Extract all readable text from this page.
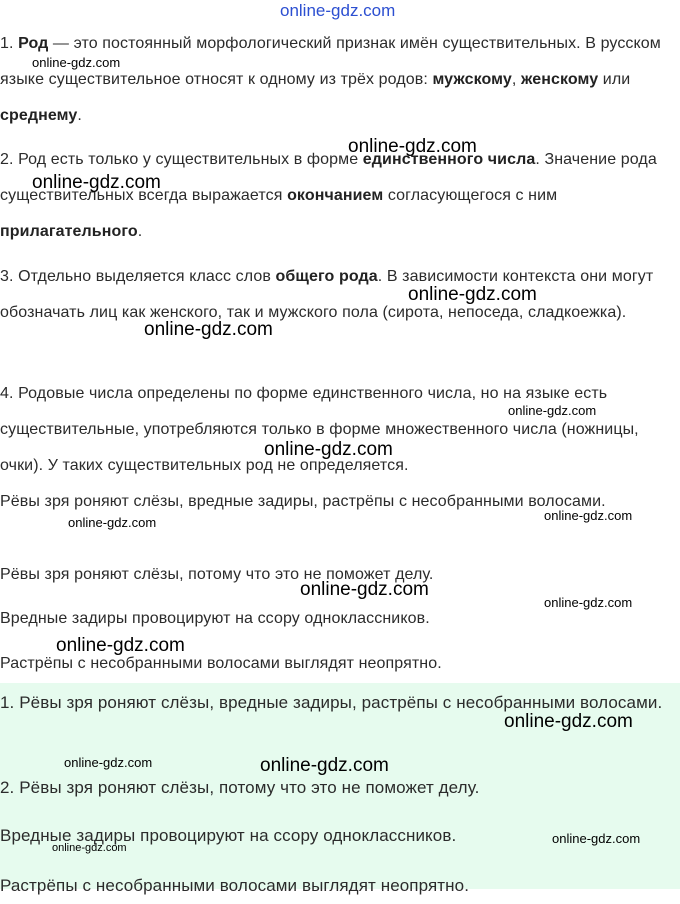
online-gdz.com

1. Род — это постоянный морфологический признак имён существительных. В русском языке существительное относят к одному из трёх родов: мужскому, женскому или среднему.

2. Род есть только у существительных в форме единственного числа. Значение рода существительных всегда выражается окончанием согласующегося с ним прилагательного.

3. Отдельно выделяется класс слов общего рода. В зависимости контекста они могут обозначать лиц как женского, так и мужского пола (сирота, непоседа, сладкоежка).

4. Родовые числа определены по форме единственного числа, но на языке есть существительные, употребляются только в форме множественного числа (ножницы, очки). У таких существительных род не определяется.

Рёвы зря роняют слёзы, вредные задиры, растрёпы с несобранными волосами.

Рёвы зря роняют слёзы, потому что это не поможет делу.

Вредные задиры провоцируют на ссору одноклассников.

Растрёпы с несобранными волосами выглядят неопрятно.

1. Рёвы зря роняют слёзы, вредные задиры, растрёпы с несобранными волосами.

2. Рёвы зря роняют слёзы, потому что это не поможет делу.

Вредные задиры провоцируют на ссору одноклассников.

Растрёпы с несобранными волосами выглядят неопрятно.

online-gdz.com
online-gdz.com
online-gdz.com
online-gdz.com
online-gdz.com
online-gdz.com
online-gdz.com
online-gdz.com
online-gdz.com
online-gdz.com
online-gdz.com
online-gdz.com
online-gdz.com
online-gdz.com	online-gdz.com
online-gdz.com
online-gdz.com
